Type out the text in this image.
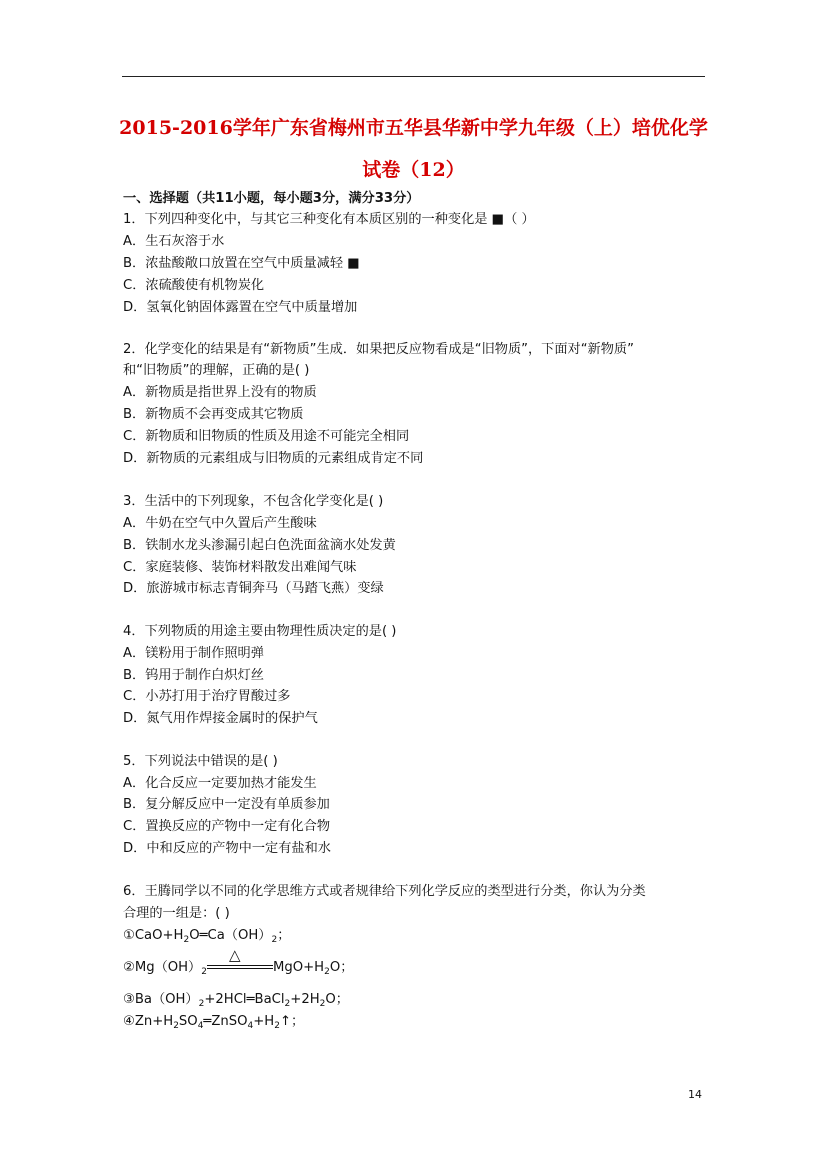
2015-2016学年广东省梅州市五华县华新中学九年级（上）培优化学
试卷（12）
一、选择题（共11小题，每小题3分，满分33分）
1．下列四种变化中，与其它三种变化有本质区别的一种变化是 ■（ ）
A．生石灰溶于水
B．浓盐酸敞口放置在空气中质量减轻 ■
C．浓硫酸使有机物炭化
D．氢氧化钠固体露置在空气中质量增加
2．化学变化的结果是有“新物质”生成．如果把反应物看成是“旧物质”，下面对“新物质”
和“旧物质”的理解，正确的是( )
A．新物质是指世界上没有的物质
B．新物质不会再变成其它物质
C．新物质和旧物质的性质及用途不可能完全相同
D．新物质的元素组成与旧物质的元素组成肯定不同
3．生活中的下列现象，不包含化学变化是( )
A．牛奶在空气中久置后产生酸味
B．铁制水龙头渗漏引起白色洗面盆滴水处发黄
C．家庭装修、装饰材料散发出难闻气味
D．旅游城市标志青铜奔马（马踏飞燕）变绿
4．下列物质的用途主要由物理性质决定的是( )
A．镁粉用于制作照明弹
B．钨用于制作白炽灯丝
C．小苏打用于治疗胃酸过多
D．氮气用作焊接金属时的保护气
5．下列说法中错误的是( )
A．化合反应一定要加热才能发生
B．复分解反应中一定没有单质参加
C．置换反应的产物中一定有化合物
D．中和反应的产物中一定有盐和水
6．王腾同学以不同的化学思维方式或者规律给下列化学反应的类型进行分类，你认为分类
合理的一组是：( )
$①CaO+H_2O═Ca(OH)_2$；
$②Mg(OH)_2$
△
$MgO+H_2O$；
$③Ba(OH)_2+2HCl═BaCl_2+2H_2O$；
$④Zn+H_2SO_4═ZnSO_4+H_2↑$；
14
